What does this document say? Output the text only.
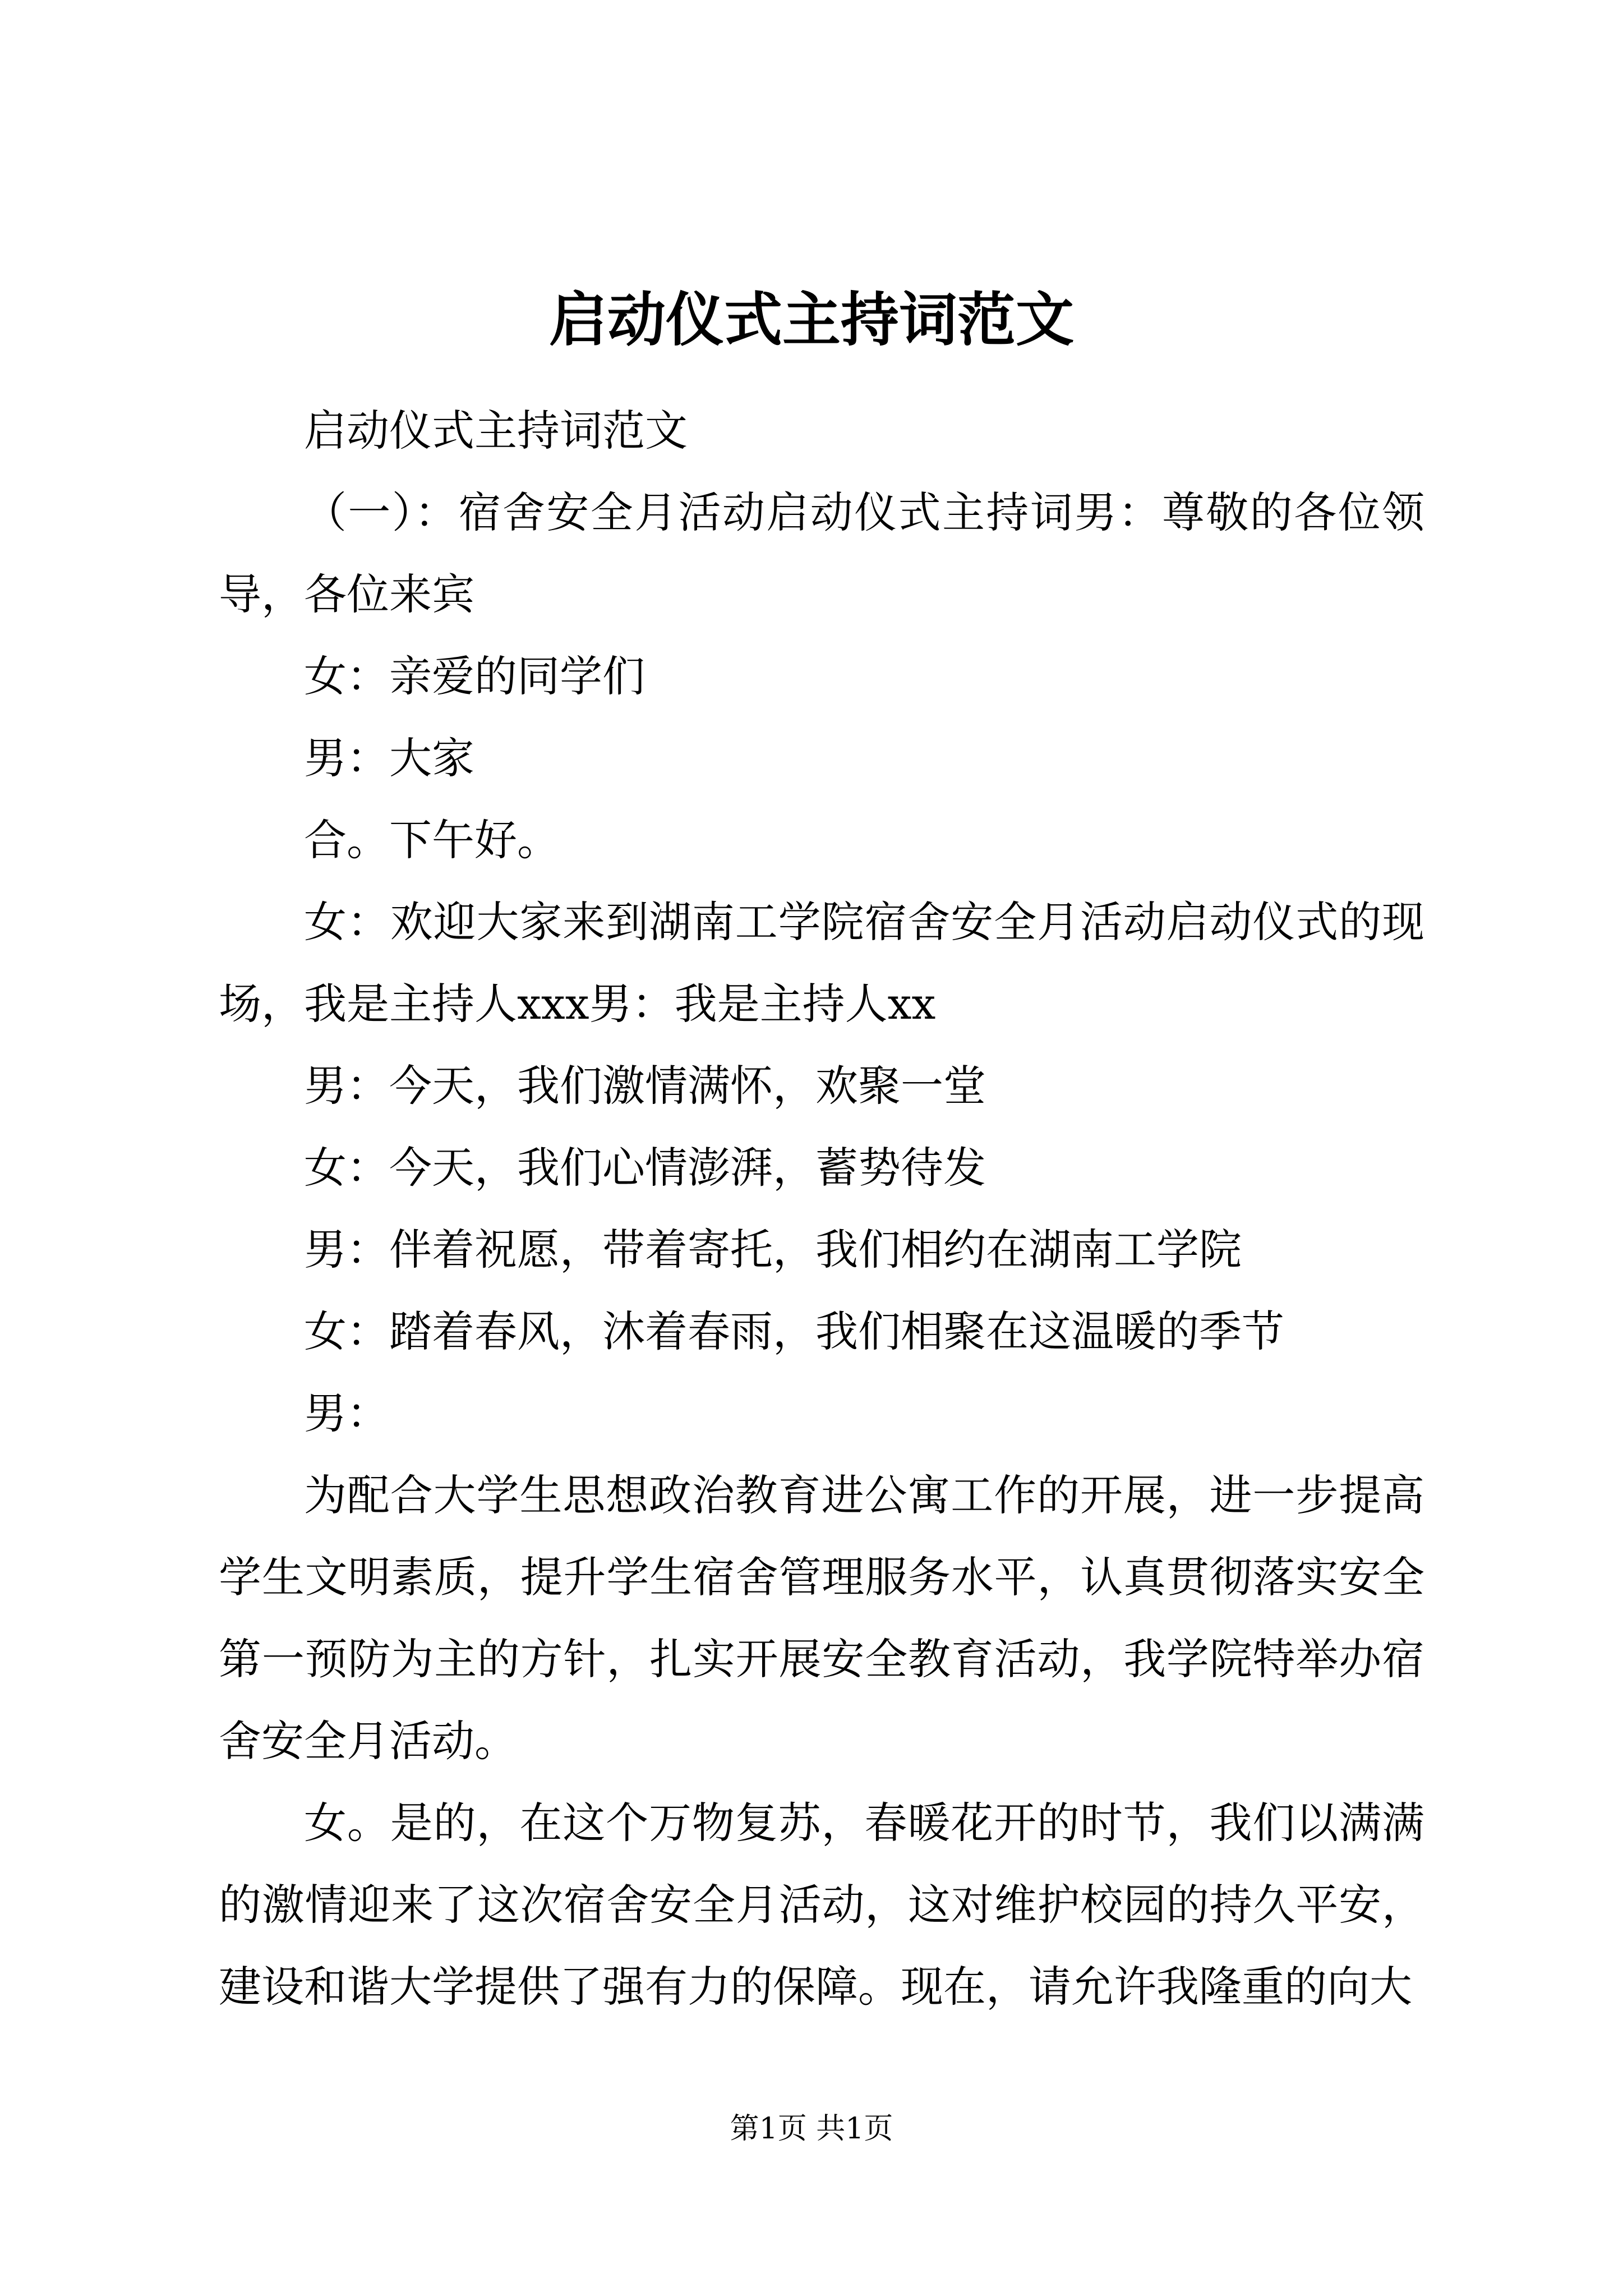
启动仪式主持词范文

启动仪式主持词范文

（一）：宿舍安全月活动启动仪式主持词男：尊敬的各位领导，各位来宾

女：亲爱的同学们

男：大家

合。下午好。

女：欢迎大家来到湖南工学院宿舍安全月活动启动仪式的现场，我是主持人xxx男：我是主持人xx

男：今天，我们激情满怀，欢聚一堂

女：今天，我们心情澎湃，蓄势待发

男：伴着祝愿，带着寄托，我们相约在湖南工学院

女：踏着春风，沐着春雨，我们相聚在这温暖的季节

男：

为配合大学生思想政治教育进公寓工作的开展，进一步提高学生文明素质，提升学生宿舍管理服务水平，认真贯彻落实安全第一预防为主的方针，扎实开展安全教育活动，我学院特举办宿舍安全月活动。

女。是的，在这个万物复苏，春暖花开的时节，我们以满满的激情迎来了这次宿舍安全月活动，这对维护校园的持久平安，建设和谐大学提供了强有力的保障。现在，请允许我隆重的向大

第1页 共1页
